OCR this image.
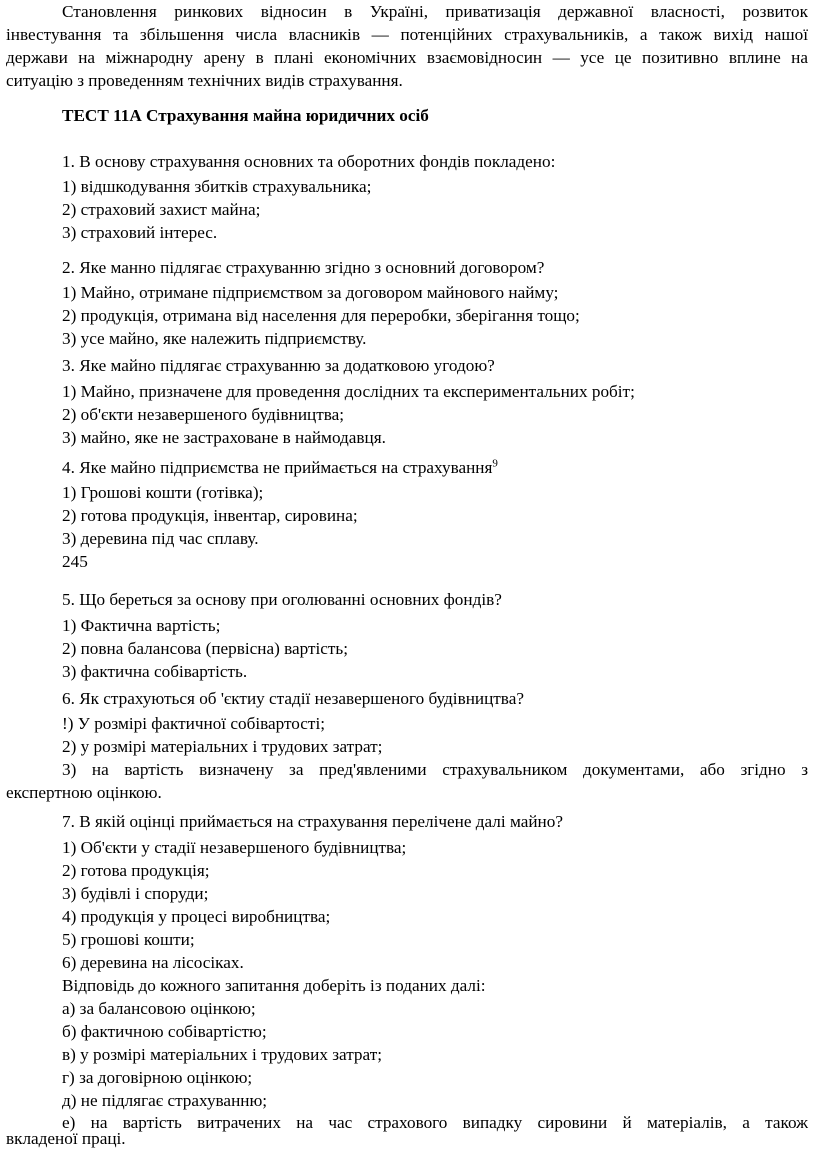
Становлення ринкових відносин в Україні, приватизація державної власності, розвиток
інвестування та збільшення числа власників — потенційних страхувальників, а також вихід нашої
держави на міжнародну арену в плані економічних взаємовідносин — усе це позитивно вплине на
ситуацію з проведенням технічних видів страхування.
ТЕСТ 11А Страхування майна юридичних осіб
1. В основу страхування основних та оборотних фондів покладено:
1) відшкодування збитків страхувальника;
2) страховий захист майна;
3) страховий інтерес.
2. Яке манно підлягає страхуванню згідно з основний договором?
1) Майно, отримане підприємством за договором майнового найму;
2) продукція, отримана від населення для переробки, зберігання тощо;
3) усе майно, яке належить підприємству.
3. Яке майно підлягає страхуванню за додатковою угодою?
1) Майно, призначене для проведення дослідних та експериментальних робіт;
2) об'єкти незавершеного будівництва;
3) майно, яке не застраховане в наймодавця.
4. Яке майно підприємства не приймається на страхування$^9$
1) Грошові кошти (готівка);
2) готова продукція, інвентар, сировина;
3) деревина під час сплаву.
245
5. Що береться за основу при оголюванні основних фондів?
1) Фактична вартість;
2) повна балансова (первісна) вартість;
3) фактична собівартість.
6. Як страхуються об 'єктиу стадії незавершеного будівництва?
!) У розмірі фактичної собівартості;
2) у розмірі матеріальних і трудових затрат;
3) на вартість визначену за пред'явленими страхувальником документами, або згідно з
експертною оцінкою.
7. В якій оцінці приймається на страхування перелічене далі майно?
1) Об'єкти у стадії незавершеного будівництва;
2) готова продукція;
3) будівлі і споруди;
4) продукція у процесі виробництва;
5) грошові кошти;
6) деревина на лісосіках.
Відповідь до кожного запитання доберіть із поданих далі:
а) за балансовою оцінкою;
б) фактичною собівартістю;
в) у розмірі матеріальних і трудових затрат;
г) за договірною оцінкою;
д) не підлягає страхуванню;
е) на вартість витрачених на час страхового випадку сировини й матеріалів, а також
вкладеної праці.
